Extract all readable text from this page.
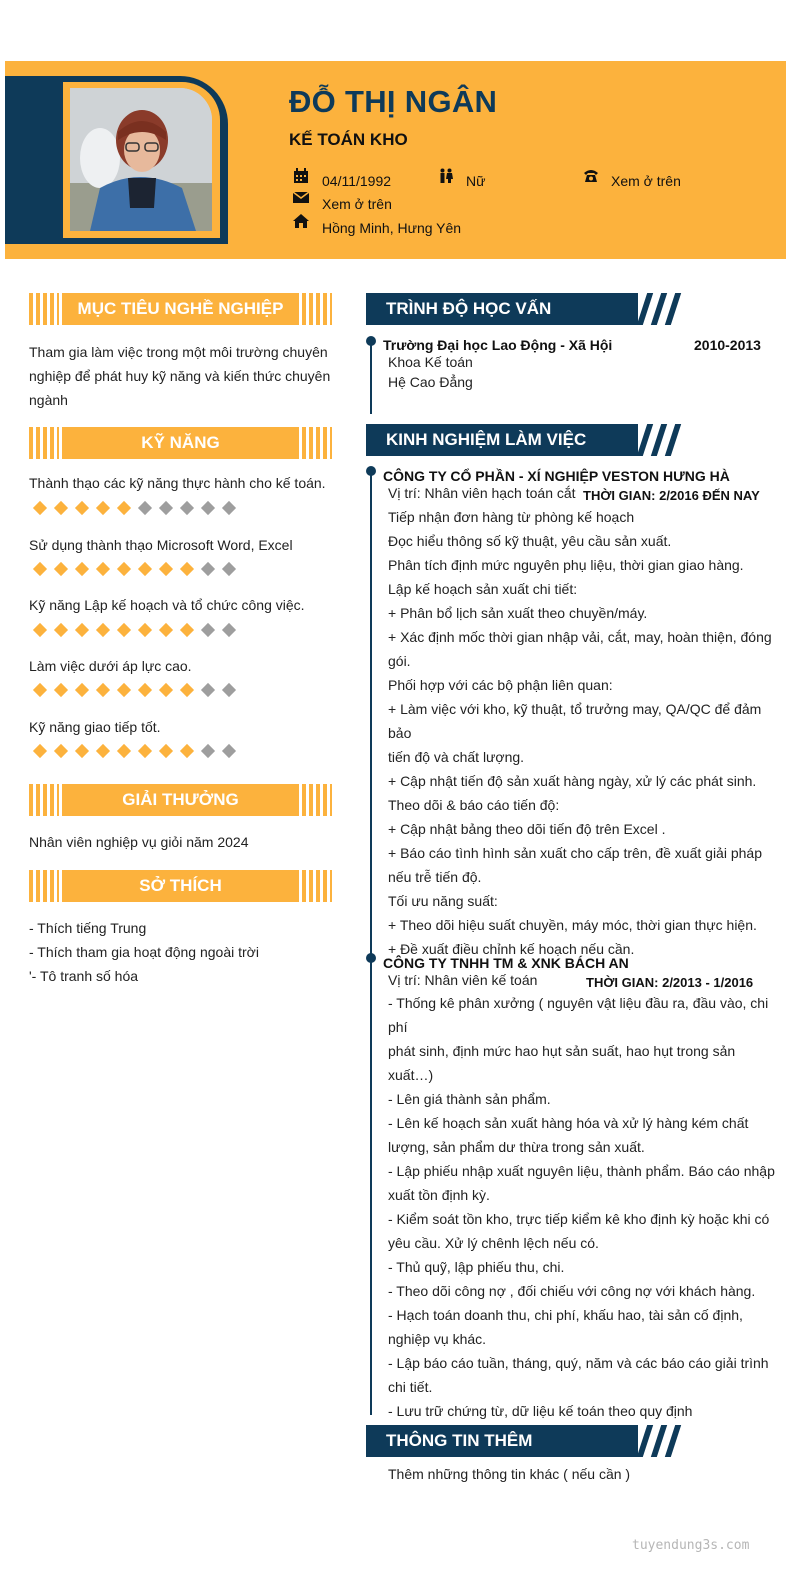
ĐỖ THỊ NGÂN
KẾ TOÁN KHO
04/11/1992	Nữ	Xem ở trên
Xem ở trên
Hồng Minh, Hưng Yên
MỤC TIÊU NGHỀ NGHIỆP
Tham gia làm việc trong một môi trường chuyên
nghiệp để phát huy kỹ năng và kiến thức chuyên
ngành
KỸ NĂNG
Thành thạo các kỹ năng thực hành cho kế toán.
Sử dụng thành thạo Microsoft Word, Excel
Kỹ năng Lập kế hoạch và tổ chức công việc.
Làm việc dưới áp lực cao.
Kỹ năng giao tiếp tốt.
GIẢI THƯỞNG
Nhân viên nghiệp vụ giỏi năm 2024
SỞ THÍCH
- Thích tiếng Trung
- Thích tham gia hoạt động ngoài trời
'- Tô tranh số hóa
TRÌNH ĐỘ HỌC VẤN
Trường Đại học Lao Động - Xã Hội	2010-2013
Khoa Kế toán
Hệ Cao Đẳng
KINH NGHIỆM LÀM VIỆC
CÔNG TY CỔ PHẦN - XÍ NGHIỆP VESTON HƯNG HÀ
Vị trí: Nhân viên hạch toán cắt THỜI GIAN: 2/2016 ĐẾN NAY
Tiếp nhận đơn hàng từ phòng kế hoạch
Đọc hiểu thông số kỹ thuật, yêu cầu sản xuất.
Phân tích định mức nguyên phụ liệu, thời gian giao hàng.
Lập kế hoạch sản xuất chi tiết:
+ Phân bổ lịch sản xuất theo chuyền/máy.
+ Xác định mốc thời gian nhập vải, cắt, may, hoàn thiện, đóng
gói.
Phối hợp với các bộ phận liên quan:
+ Làm việc với kho, kỹ thuật, tổ trưởng may, QA/QC để đảm bảo
tiến độ và chất lượng.
+ Cập nhật tiến độ sản xuất hàng ngày, xử lý các phát sinh.
Theo dõi & báo cáo tiến độ:
+ Cập nhật bảng theo dõi tiến độ trên Excel .
+ Báo cáo tình hình sản xuất cho cấp trên, đề xuất giải pháp
nếu trễ tiến độ.
Tối ưu năng suất:
+ Theo dõi hiệu suất chuyền, máy móc, thời gian thực hiện.
+ Đề xuất điều chỉnh kế hoạch nếu cần.
CÔNG TY TNHH TM & XNK BÁCH AN
Vị trí: Nhân viên kế toán	THỜI GIAN: 2/2013 - 1/2016
- Thống kê phân xưởng ( nguyên vật liệu đầu ra, đầu vào, chi phí
phát sinh, định mức hao hụt sản suất, hao hụt trong sản xuất…)
- Lên giá thành sản phẩm.
- Lên kế hoạch sản xuất hàng hóa và xử lý hàng kém chất
lượng, sản phẩm dư thừa trong sản xuất.
- Lập phiếu nhập xuất nguyên liệu, thành phẩm. Báo cáo nhập
xuất tồn định kỳ.
- Kiểm soát tồn kho, trực tiếp kiểm kê kho định kỳ hoặc khi có
yêu cầu. Xử lý chênh lệch nếu có.
- Thủ quỹ, lập phiếu thu, chi.
- Theo dõi công nợ , đối chiếu với công nợ với khách hàng.
- Hạch toán doanh thu, chi phí, khấu hao, tài sản cố định,
nghiệp vụ khác.
- Lập báo cáo tuần, tháng, quý, năm và các báo cáo giải trình
chi tiết.
- Lưu trữ chứng từ, dữ liệu kế toán theo quy định
THÔNG TIN THÊM
Thêm những thông tin khác ( nếu cần )
tuyendung3s.com
